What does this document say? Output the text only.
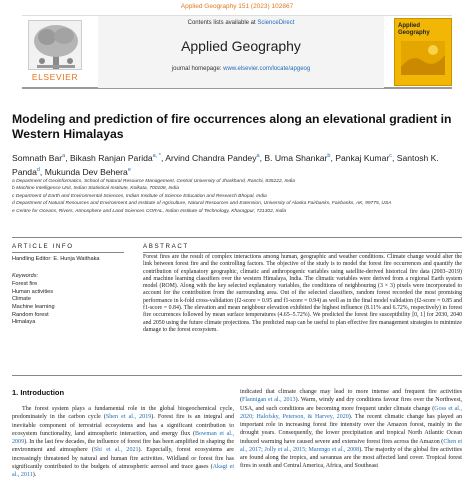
Applied Geography 151 (2023) 102867
ELSEVIER
Contents lists available at ScienceDirect
Applied Geography
journal homepage: www.elsevier.com/locate/apgeog
Applied Geography
Modeling and prediction of fire occurrences along an elevational gradient in Western Himalayas
Somnath Bar$^a$, Bikash Ranjan Parida$^{a, *}$, Arvind Chandra Pandey$^a$, B. Uma Shankar$^b$, Pankaj Kumar$^c$, Santosh K. Panda$^d$, Mukunda Dev Behera$^e$
a Department of Geoinformatics, School of Natural Resource Management, Central University of Jharkhand, Ranchi, 835222, India
b Machine Intelligence Unit, Indian Statistical Institute, Kolkata, 700108, India
c Department of Earth and Environmental Sciences, Indian Institute of Science Education and Research Bhopal, India
d Department of Natural Resources and Environment and Institute of Agriculture, Natural Resources and Extension, University of Alaska Fairbanks, Fairbanks, AK, 99775, USA
e Centre for Oceans, Rivers, Atmosphere and Land Sciences CORAL, Indian Institute of Technology, Kharagpur, 721302, India
ARTICLE INFO	ABSTRACT
Handling Editor: E. Hunja Waithaka
Keywords:
Forest fire
Human activities
Climate
Machine learning
Random forest
Himalaya
Forest fires are the result of complex interactions among human, geographic and weather conditions. Climate change would alter the link between forest fire and the controlling factors. The objective of the study is to model the forest fire occurrences and quantify the contribution of explanatory geographic, climatic and anthropogenic variables using satellite-derived historical fire data (2003–2019) and machine learning classifiers over the western Himalaya, India. The climatic variables were derived from a regional Earth system model (ROM). Along with the key selected explanatory variables, the conditions of neighbouring (3 × 3) pixels were incorporated to account for the contribution from the surrounding area. Out of the selected classifiers, random forest recorded the most promising performance in k-fold cross-validation (f2-score = 0.95 and f1-score = 0.94) as well as in the final model validation (f2-score = 0.85 and f1-score = 0.84). The elevation and mean neighbour elevation exhibited the highest influence (8.11% and 6.72%, respectively) in forest fire occurrences followed by mean surface temperatures (4.65–5.72%). We predicted the forest fire susceptibility [0, 1] for 2030, 2040 and 2050 using the future climate projections. The predicted map can be useful to plan effective fire management strategies to minimize damage to the forest ecosystem.
1. Introduction
The forest system plays a fundamental role in the global biogeochemical cycle, predominately in the carbon cycle (Shen et al., 2019). Forest fire is an integral and inevitable component of terrestrial ecosystems and has a significant contribution to ecosystem functionality, land atmospheric interaction, and energy flux (Bowman et al., 2009). In the last few decades, the influence of forest fire has been amplified in shaping the environment and atmosphere (Shi et al., 2021). Especially, forest ecosystems are increasingly threatened by natural and human fire activities. Wildland or forest fire has significantly contributed to the budgets of atmospheric aerosol and trace gases (Akagi et al., 2011).
indicated that climate change may lead to more intense and frequent fire activities (Flannigan et al., 2013). Warm, windy and dry conditions favour fires over the Northwest, USA, and such conditions are becoming more frequent under climate change (Goss et al., 2020; Halofsky, Peterson, & Harvey, 2020). The recent climatic change has played an important role in increasing forest fire intensity over the Amazon forest, mainly in the drought years. Consequently, the lower precipitation and tropical North Atlantic Ocean induced warming have caused severe and extensive forest fires across the Amazon (Chen et al., 2017; Jolly et al., 2015; Marengo et al., 2008). The majority of the global fire activities are found along the tropics, and savannas are the most affected land cover. Tropical forest fires in south and Central America, Africa, and Southeast
